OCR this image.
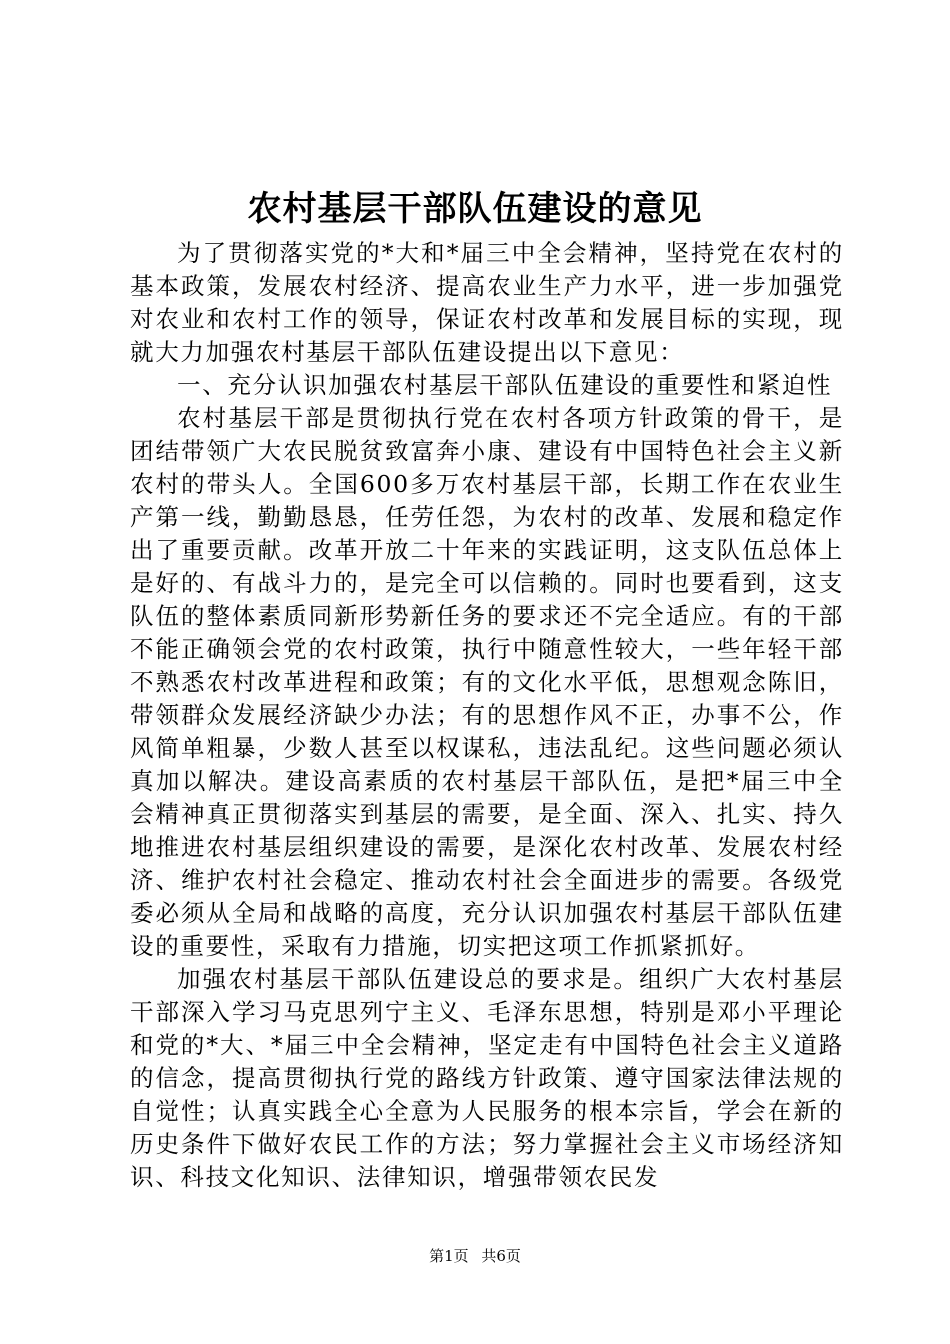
农村基层干部队伍建设的意见

为了贯彻落实党的*大和*届三中全会精神，坚持党在农村的基本政策，发展农村经济、提高农业生产力水平，进一步加强党对农业和农村工作的领导，保证农村改革和发展目标的实现，现就大力加强农村基层干部队伍建设提出以下意见：

一、充分认识加强农村基层干部队伍建设的重要性和紧迫性

农村基层干部是贯彻执行党在农村各项方针政策的骨干，是团结带领广大农民脱贫致富奔小康、建设有中国特色社会主义新农村的带头人。全国600多万农村基层干部，长期工作在农业生产第一线，勤勤恳恳，任劳任怨，为农村的改革、发展和稳定作出了重要贡献。改革开放二十年来的实践证明，这支队伍总体上是好的、有战斗力的，是完全可以信赖的。同时也要看到，这支队伍的整体素质同新形势新任务的要求还不完全适应。有的干部不能正确领会党的农村政策，执行中随意性较大，一些年轻干部不熟悉农村改革进程和政策；有的文化水平低，思想观念陈旧，带领群众发展经济缺少办法；有的思想作风不正，办事不公，作风简单粗暴，少数人甚至以权谋私，违法乱纪。这些问题必须认真加以解决。建设高素质的农村基层干部队伍，是把*届三中全会精神真正贯彻落实到基层的需要，是全面、深入、扎实、持久地推进农村基层组织建设的需要，是深化农村改革、发展农村经济、维护农村社会稳定、推动农村社会全面进步的需要。各级党委必须从全局和战略的高度，充分认识加强农村基层干部队伍建设的重要性，采取有力措施，切实把这项工作抓紧抓好。

加强农村基层干部队伍建设总的要求是。组织广大农村基层干部深入学习马克思列宁主义、毛泽东思想，特别是邓小平理论和党的*大、*届三中全会精神，坚定走有中国特色社会主义道路的信念，提高贯彻执行党的路线方针政策、遵守国家法律法规的自觉性；认真实践全心全意为人民服务的根本宗旨，学会在新的历史条件下做好农民工作的方法；努力掌握社会主义市场经济知识、科技文化知识、法律知识，增强带领农民发

第1页 共6页
